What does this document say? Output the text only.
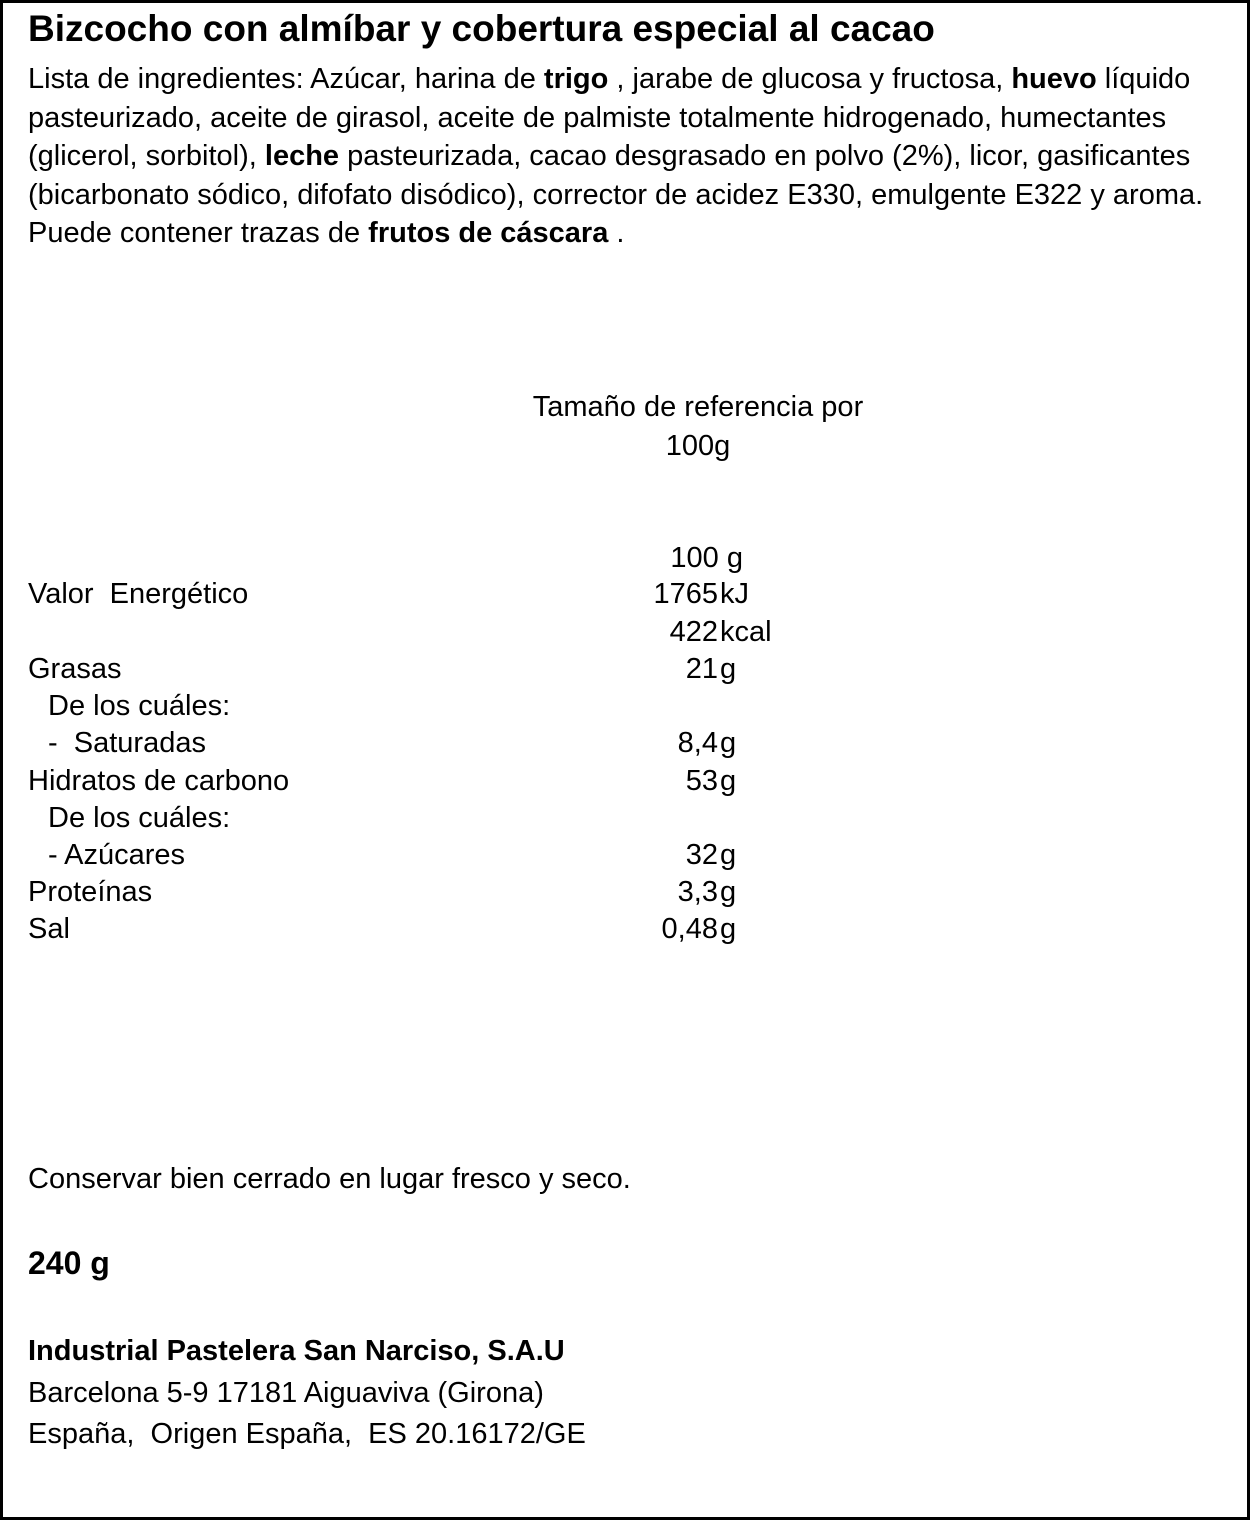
Bizcocho con almíbar y cobertura especial al cacao

Lista de ingredientes: Azúcar, harina de trigo , jarabe de glucosa y fructosa, huevo líquido pasteurizado, aceite de girasol, aceite de palmiste totalmente hidrogenado, humectantes (glicerol, sorbitol), leche pasteurizada, cacao desgrasado en polvo (2%), licor, gasificantes (bicarbonato sódico, difofato disódico), corrector de acidez E330, emulgente E322 y aroma. Puede contener trazas de frutos de cáscara .

Tamaño de referencia por
100g
100 g
Valor  Energético	1765 kJ
422 kcal
Grasas	21 g
De los cuáles:
-  Saturadas	8,4 g
Hidratos de carbono	53 g
De los cuáles:
- Azúcares	32 g
Proteínas	3,3 g
Sal	0,48 g
Conservar bien cerrado en lugar fresco y seco.
240 g
Industrial Pastelera San Narciso, S.A.U
Barcelona 5-9 17181 Aiguaviva (Girona)
España,  Origen España,  ES 20.16172/GE
